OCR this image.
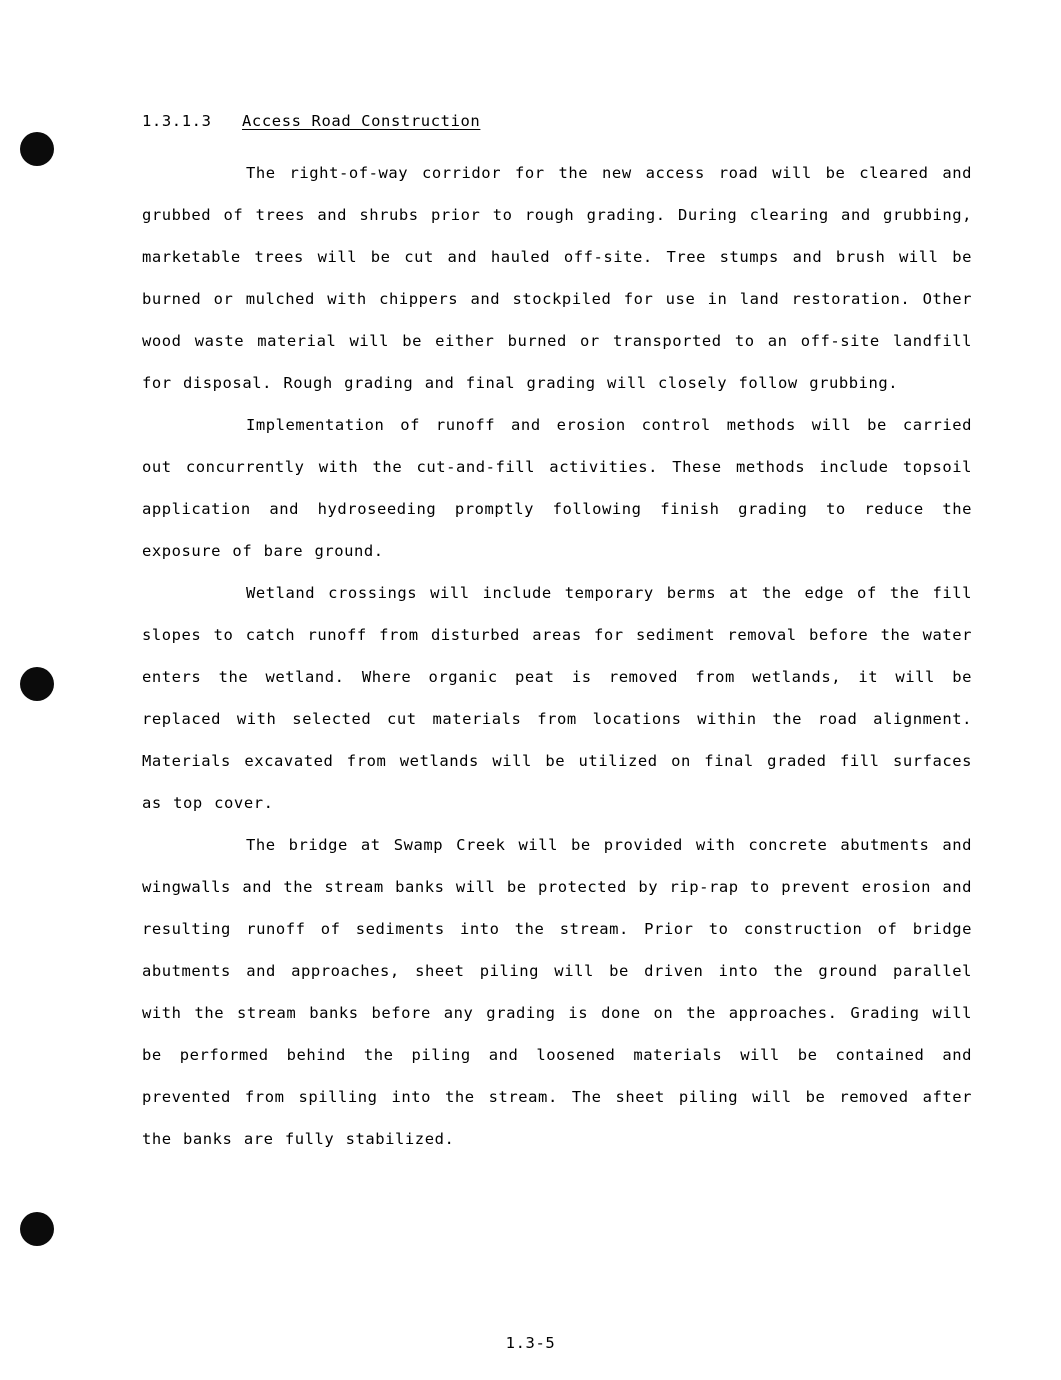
1.3.1.3	Access Road Construction

The right-of-way corridor for the new access road will be cleared and grubbed of trees and shrubs prior to rough grading. During clearing and grubbing, marketable trees will be cut and hauled off-site. Tree stumps and brush will be burned or mulched with chippers and stockpiled for use in land restoration. Other wood waste material will be either burned or transported to an off-site landfill for disposal. Rough grading and final grading will closely follow grubbing.

Implementation of runoff and erosion control methods will be carried out concurrently with the cut-and-fill activities. These methods include topsoil application and hydroseeding promptly following finish grading to reduce the exposure of bare ground.

Wetland crossings will include temporary berms at the edge of the fill slopes to catch runoff from disturbed areas for sediment removal before the water enters the wetland. Where organic peat is removed from wetlands, it will be replaced with selected cut materials from locations within the road alignment. Materials excavated from wetlands will be utilized on final graded fill surfaces as top cover.

The bridge at Swamp Creek will be provided with concrete abutments and wingwalls and the stream banks will be protected by rip-rap to prevent erosion and resulting runoff of sediments into the stream. Prior to construction of bridge abutments and approaches, sheet piling will be driven into the ground parallel with the stream banks before any grading is done on the approaches. Grading will be performed behind the piling and loosened materials will be contained and prevented from spilling into the stream. The sheet piling will be removed after the banks are fully stabilized.

1.3-5
